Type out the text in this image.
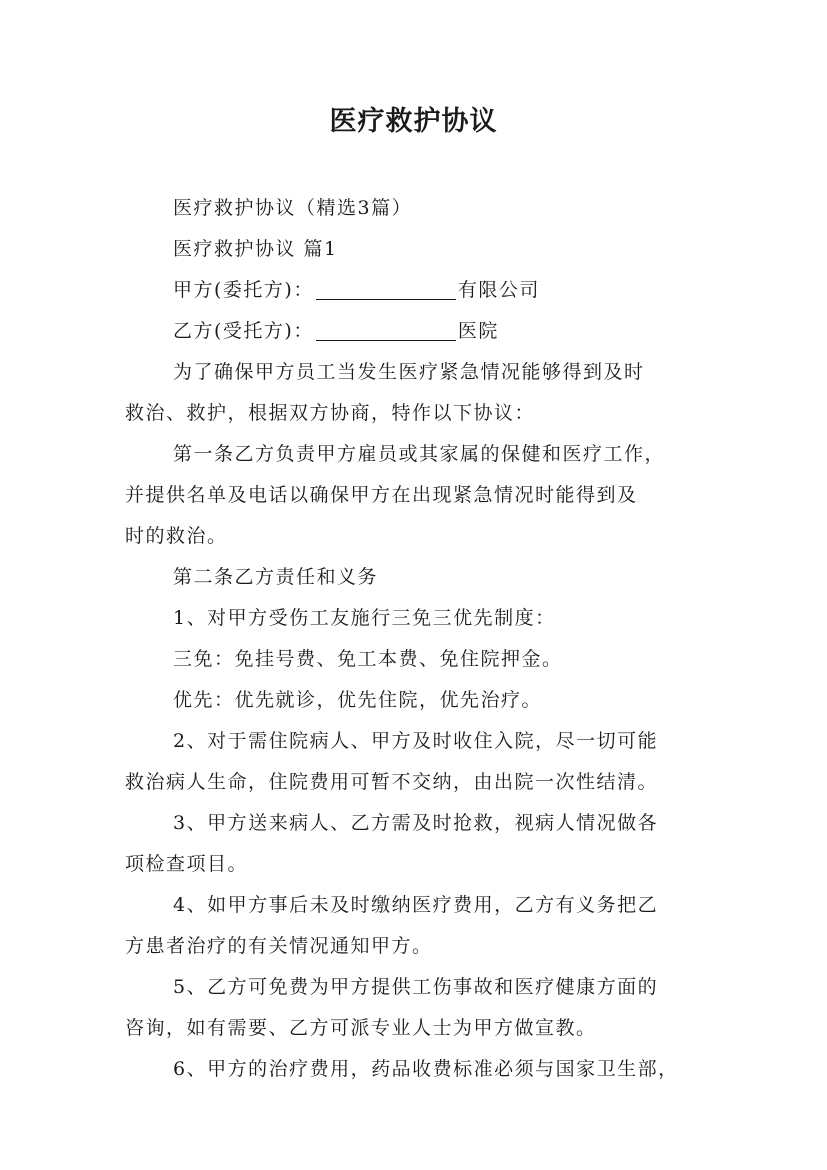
医疗救护协议

医疗救护协议（精选3篇）

医疗救护协议 篇1

甲方(委托方)：	有限公司

乙方(受托方)：	医院

为了确保甲方员工当发生医疗紧急情况能够得到及时

救治、救护，根据双方协商，特作以下协议：

第一条乙方负责甲方雇员或其家属的保健和医疗工作，

并提供名单及电话以确保甲方在出现紧急情况时能得到及

时的救治。

第二条乙方责任和义务

1、对甲方受伤工友施行三免三优先制度：

三免：免挂号费、免工本费、免住院押金。

优先：优先就诊，优先住院，优先治疗。

2、对于需住院病人、甲方及时收住入院，尽一切可能

救治病人生命，住院费用可暂不交纳，由出院一次性结清。

3、甲方送来病人、乙方需及时抢救，视病人情况做各

项检查项目。

4、如甲方事后未及时缴纳医疗费用，乙方有义务把乙

方患者治疗的有关情况通知甲方。

5、乙方可免费为甲方提供工伤事故和医疗健康方面的

咨询，如有需要、乙方可派专业人士为甲方做宣教。

6、甲方的治疗费用，药品收费标准必须与国家卫生部，
